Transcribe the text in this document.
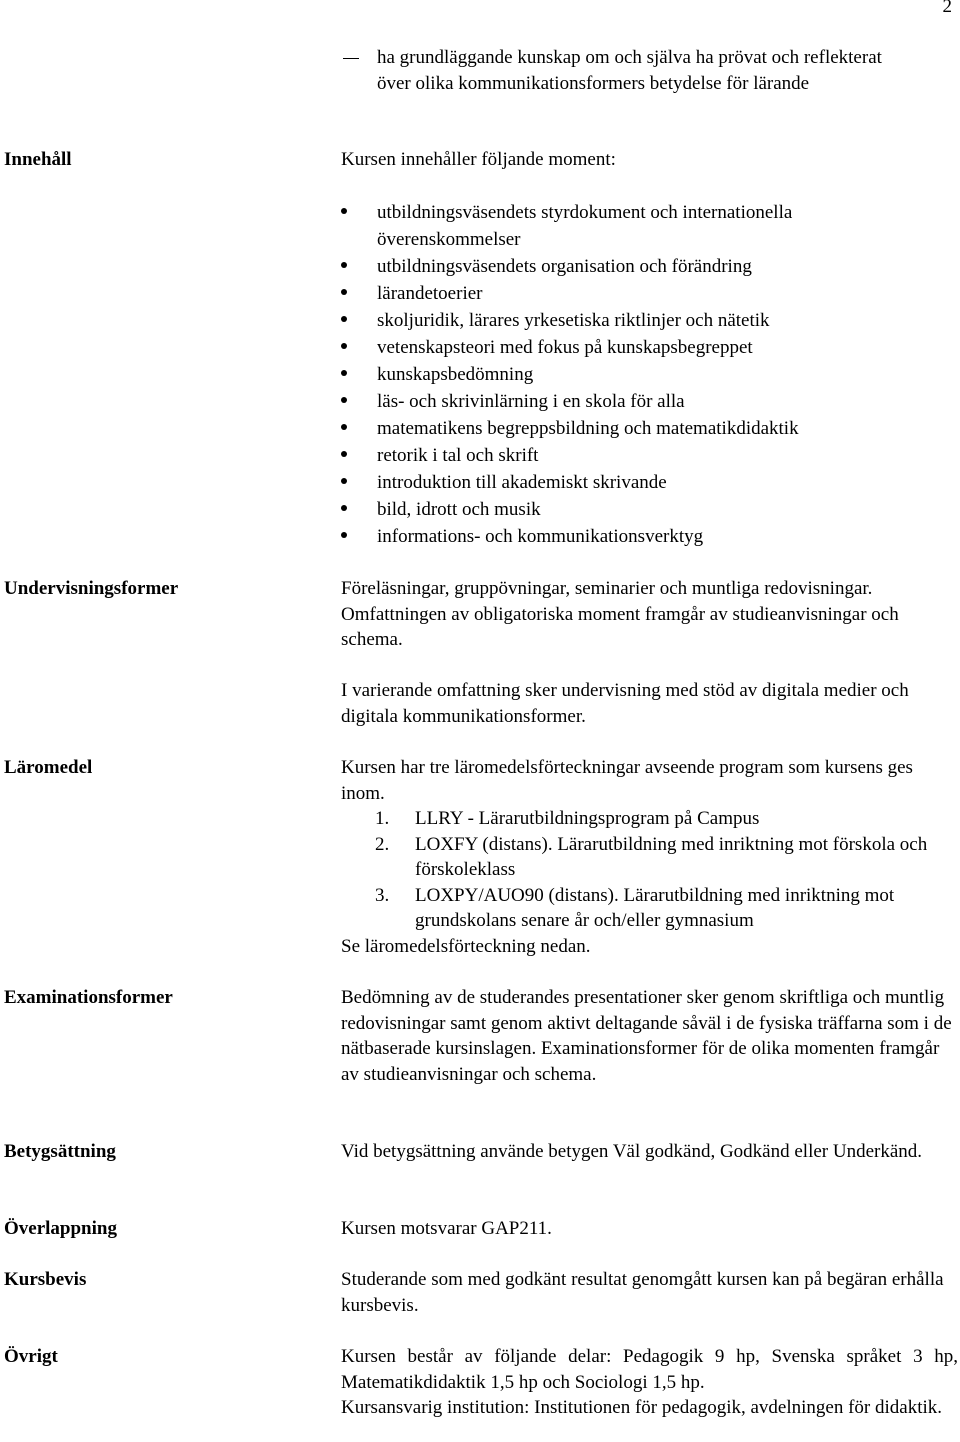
2
ha grundläggande kunskap om och själva ha prövat och reflekterat över olika kommunikationsformers betydelse för lärande
Innehåll	Kursen innehåller följande moment:
utbildningsväsendets styrdokument och internationella överenskommelser
utbildningsväsendets organisation och förändring
lärandetoerier
skoljuridik, lärares yrkesetiska riktlinjer och nätetik
vetenskapsteori med fokus på kunskapsbegreppet
kunskapsbedömning
läs- och skrivinlärning i en skola för alla
matematikens begreppsbildning och matematikdidaktik
retorik i tal och skrift
introduktion till akademiskt skrivande
bild, idrott och musik
informations- och kommunikationsverktyg
Undervisningsformer	Föreläsningar, gruppövningar, seminarier och muntliga redovisningar. Omfattningen av obligatoriska moment framgår av studieanvisningar och schema.

I varierande omfattning sker undervisning med stöd av digitala medier och digitala kommunikationsformer.

Läromedel	Kursen har tre läromedelsförteckningar avseende program som kursens ges inom.

1. LLRY - Lärarutbildningsprogram på Campus
2. LOXFY (distans). Lärarutbildning med inriktning mot förskola och förskoleklass
3. LOXPY/AUO90 (distans). Lärarutbildning med inriktning mot grundskolans senare år och/eller gymnasium

Se läromedelsförteckning nedan.

Examinationsformer	Bedömning av de studerandes presentationer sker genom skriftliga och muntlig redovisningar samt genom aktivt deltagande såväl i de fysiska träffarna som i de nätbaserade kursinslagen. Examinationsformer för de olika momenten framgår av studieanvisningar och schema.
Betygsättning	Vid betygsättning använde betygen Väl godkänd, Godkänd eller Underkänd.
Överlappning	Kursen motsvarar GAP211.
Kursbevis	Studerande som med godkänt resultat genomgått kursen kan på begäran erhålla kursbevis.
Övrigt	Kursen består av följande delar: Pedagogik 9 hp, Svenska språket 3 hp, Matematikdidaktik 1,5 hp och Sociologi 1,5 hp.

Kursansvarig institution: Institutionen för pedagogik, avdelningen för didaktik.
